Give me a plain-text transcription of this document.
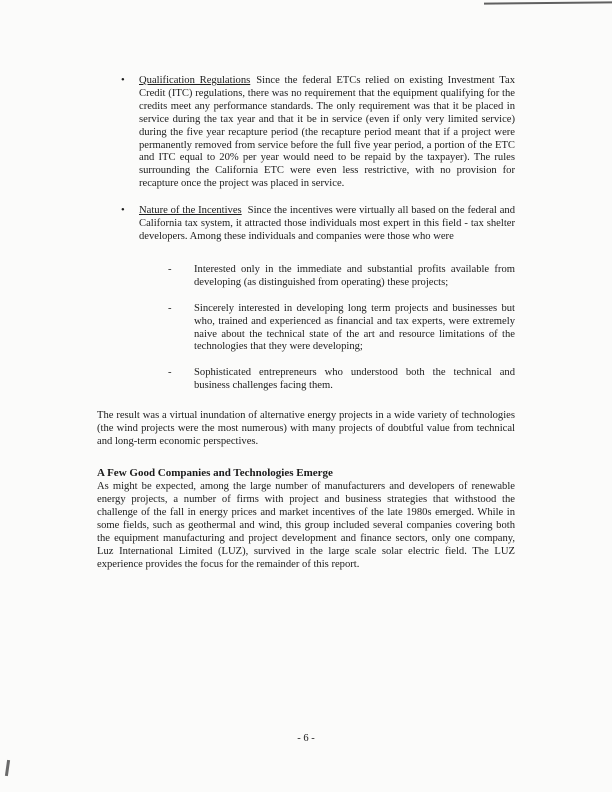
•	Qualification Regulations Since the federal ETCs relied on existing Investment Tax Credit (ITC) regulations, there was no requirement that the equipment qualifying for the credits meet any performance standards. The only requirement was that it be placed in service during the tax year and that it be in service (even if only very limited service) during the five year recapture period (the recapture period meant that if a project were permanently removed from service before the full five year period, a portion of the ETC and ITC equal to 20% per year would need to be repaid by the taxpayer). The rules surrounding the California ETC were even less restrictive, with no provision for recapture once the project was placed in service.

•	Nature of the Incentives Since the incentives were virtually all based on the federal and California tax system, it attracted those individuals most expert in this field - tax shelter developers. Among these individuals and companies were those who were

-	Interested only in the immediate and substantial profits available from developing (as distinguished from operating) these projects;
-	Sincerely interested in developing long term projects and businesses but who, trained and experienced as financial and tax experts, were extremely naive about the technical state of the art and resource limitations of the technologies that they were developing;
-	Sophisticated entrepreneurs who understood both the technical and business challenges facing them.

The result was a virtual inundation of alternative energy projects in a wide variety of technologies (the wind projects were the most numerous) with many projects of doubtful value from technical and long-term economic perspectives.

A Few Good Companies and Technologies Emerge

As might be expected, among the large number of manufacturers and developers of renewable energy projects, a number of firms with project and business strategies that withstood the challenge of the fall in energy prices and market incentives of the late 1980s emerged. While in some fields, such as geothermal and wind, this group included several companies covering both the equipment manufacturing and project development and finance sectors, only one company, Luz International Limited (LUZ), survived in the large scale solar electric field. The LUZ experience provides the focus for the remainder of this report.

- 6 -
